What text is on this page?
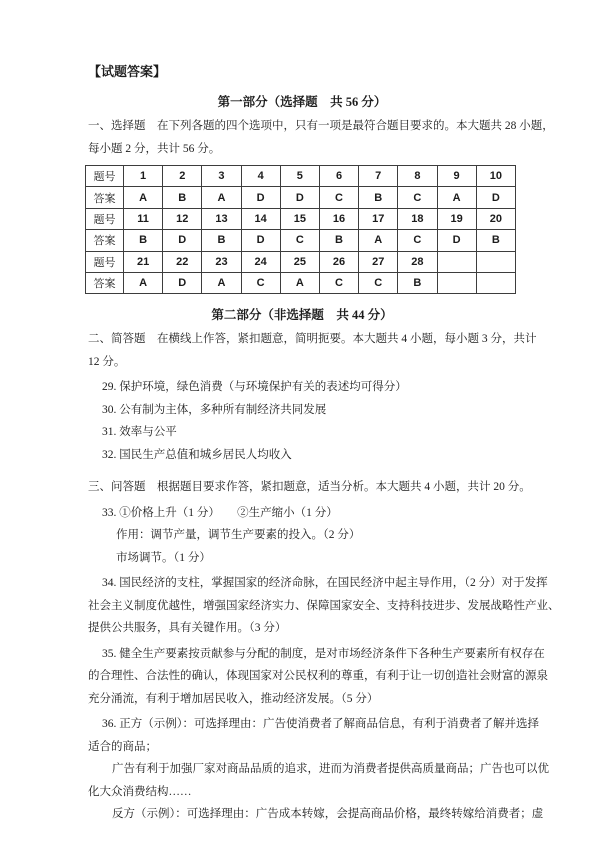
【试题答案】
第一部分（选择题　共 56 分）
一、选择题　在下列各题的四个选项中，只有一项是最符合题目要求的。本大题共 28 小题，
每小题 2 分，共计 56 分。
题号	1	2	3	4	5	6	7	8	9	10
答案	A	B	A	D	D	C	B	C	A	D
题号	11	12	13	14	15	16	17	18	19	20
答案	B	D	B	D	C	B	A	C	D	B
题号	21	22	23	24	25	26	27	28		
答案	A	D	A	C	A	C	C	B		
第二部分（非选择题　共 44 分）
二、简答题　在横线上作答，紧扣题意，简明扼要。本大题共 4 小题，每小题 3 分，共计
12 分。
29. 保护环境，绿色消费（与环境保护有关的表述均可得分）
30. 公有制为主体，多种所有制经济共同发展
31. 效率与公平
32. 国民生产总值和城乡居民人均收入
三、问答题　根据题目要求作答，紧扣题意，适当分析。本大题共 4 小题，共计 20 分。
33. ①价格上升（1 分）　　②生产缩小（1 分）
作用：调节产量，调节生产要素的投入。（2 分）
市场调节。（1 分）
34. 国民经济的支柱，掌握国家的经济命脉，在国民经济中起主导作用，（2 分）对于发挥
社会主义制度优越性，增强国家经济实力、保障国家安全、支持科技进步、发展战略性产业、
提供公共服务，具有关键作用。（3 分）
35. 健全生产要素按贡献参与分配的制度，是对市场经济条件下各种生产要素所有权存在
的合理性、合法性的确认，体现国家对公民权利的尊重，有利于让一切创造社会财富的源泉
充分涌流，有利于增加居民收入，推动经济发展。（5 分）
36. 正方（示例）：可选择理由：广告使消费者了解商品信息，有利于消费者了解并选择
适合的商品；
广告有利于加强厂家对商品品质的追求，进而为消费者提供高质量商品；广告也可以优
化大众消费结构……
反方（示例）：可选择理由：广告成本转嫁，会提高商品价格，最终转嫁给消费者；虚
